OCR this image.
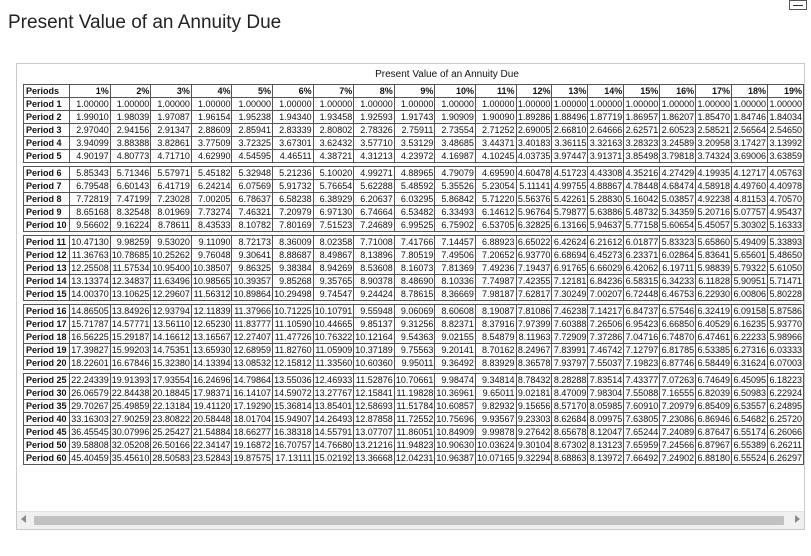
Present Value of an Annuity Due
Present Value of an Annuity Due
Periods	1%	2%	3%	4%	5%	6%	7%	8%	9%	10%	11%	12%	13%	14%	15%	16%	17%	18%	19%
Period 1	1.00000	1.00000	1.00000	1.00000	1.00000	1.00000	1.00000	1.00000	1.00000	1.00000	1.00000	1.00000	1.00000	1.00000	1.00000	1.00000	1.00000	1.00000	1.00000
Period 2	1.99010	1.98039	1.97087	1.96154	1.95238	1.94340	1.93458	1.92593	1.91743	1.90909	1.90090	1.89286	1.88496	1.87719	1.86957	1.86207	1.85470	1.84746	1.84034
Period 3	2.97040	2.94156	2.91347	2.88609	2.85941	2.83339	2.80802	2.78326	2.75911	2.73554	2.71252	2.69005	2.66810	2.64666	2.62571	2.60523	2.58521	2.56564	2.54650
Period 4	3.94099	3.88388	3.82861	3.77509	3.72325	3.67301	3.62432	3.57710	3.53129	3.48685	3.44371	3.40183	3.36115	3.32163	3.28323	3.24589	3.20958	3.17427	3.13992
Period 5	4.90197	4.80773	4.71710	4.62990	4.54595	4.46511	4.38721	4.31213	4.23972	4.16987	4.10245	4.03735	3.97447	3.91371	3.85498	3.79818	3.74324	3.69006	3.63859

Period 6	5.85343	5.71346	5.57971	5.45182	5.32948	5.21236	5.10020	4.99271	4.88965	4.79079	4.69590	4.60478	4.51723	4.43308	4.35216	4.27429	4.19935	4.12717	4.05763
Period 7	6.79548	6.60143	6.41719	6.24214	6.07569	5.91732	5.76654	5.62288	5.48592	5.35526	5.23054	5.11141	4.99755	4.88867	4.78448	4.68474	4.58918	4.49760	4.40978
Period 8	7.72819	7.47199	7.23028	7.00205	6.78637	6.58238	6.38929	6.20637	6.03295	5.86842	5.71220	5.56376	5.42261	5.28830	5.16042	5.03857	4.92238	4.81153	4.70570
Period 9	8.65168	8.32548	8.01969	7.73274	7.46321	7.20979	6.97130	6.74664	6.53482	6.33493	6.14612	5.96764	5.79877	5.63886	5.48732	5.34359	5.20716	5.07757	4.95437
Period 10	9.56602	9.16224	8.78611	8.43533	8.10782	7.80169	7.51523	7.24689	6.99525	6.75902	6.53705	6.32825	6.13166	5.94637	5.77158	5.60654	5.45057	5.30302	5.16333

Period 11	10.47130	9.98259	9.53020	9.11090	8.72173	8.36009	8.02358	7.71008	7.41766	7.14457	6.88923	6.65022	6.42624	6.21612	6.01877	5.83323	5.65860	5.49409	5.33893
Period 12	11.36763	10.78685	10.25262	9.76048	9.30641	8.88687	8.49867	8.13896	7.80519	7.49506	7.20652	6.93770	6.68694	6.45273	6.23371	6.02864	5.83641	5.65601	5.48650
Period 13	12.25508	11.57534	10.95400	10.38507	9.86325	9.38384	8.94269	8.53608	8.16073	7.81369	7.49236	7.19437	6.91765	6.66029	6.42062	6.19711	5.98839	5.79322	5.61050
Period 14	13.13374	12.34837	11.63496	10.98565	10.39357	9.85268	9.35765	8.90378	8.48690	8.10336	7.74987	7.42355	7.12181	6.84236	6.58315	6.34233	6.11828	5.90951	5.71471
Period 15	14.00370	13.10625	12.29607	11.56312	10.89864	10.29498	9.74547	9.24424	8.78615	8.36669	7.98187	7.62817	7.30249	7.00207	6.72448	6.46753	6.22930	6.00806	5.80228

Period 16	14.86505	13.84926	12.93794	12.11839	11.37966	10.71225	10.10791	9.55948	9.06069	8.60608	8.19087	7.81086	7.46238	7.14217	6.84737	6.57546	6.32419	6.09158	5.87586
Period 17	15.71787	14.57771	13.56110	12.65230	11.83777	11.10590	10.44665	9.85137	9.31256	8.82371	8.37916	7.97399	7.60388	7.26506	6.95423	6.66850	6.40529	6.16235	5.93770
Period 18	16.56225	15.29187	14.16612	13.16567	12.27407	11.47726	10.76322	10.12164	9.54363	9.02155	8.54879	8.11963	7.72909	7.37286	7.04716	6.74870	6.47461	6.22233	5.98966
Period 19	17.39827	15.99203	14.75351	13.65930	12.68959	11.82760	11.05909	10.37189	9.75563	9.20141	8.70162	8.24967	7.83991	7.46742	7.12797	6.81785	6.53385	6.27316	6.03333
Period 20	18.22601	16.67846	15.32380	14.13394	13.08532	12.15812	11.33560	10.60360	9.95011	9.36492	8.83929	8.36578	7.93797	7.55037	7.19823	6.87746	6.58449	6.31624	6.07003

Period 25	22.24339	19.91393	17.93554	16.24696	14.79864	13.55036	12.46933	11.52876	10.70661	9.98474	9.34814	8.78432	8.28288	7.83514	7.43377	7.07263	6.74649	6.45095	6.18223
Period 30	26.06579	22.84438	20.18845	17.98371	16.14107	14.59072	13.27767	12.15841	11.19828	10.36961	9.65011	9.02181	8.47009	7.98304	7.55088	7.16555	6.82039	6.50983	6.22924
Period 35	29.70267	25.49859	22.13184	19.41120	17.19290	15.36814	13.85401	12.58693	11.51784	10.60857	9.82932	9.15656	8.57170	8.05985	7.60910	7.20979	6.85409	6.53557	6.24895
Period 40	33.16303	27.90259	23.80822	20.58448	18.01704	15.94907	14.26493	12.87858	11.72552	10.75696	9.93567	9.23303	8.62684	8.09975	7.63805	7.23086	6.86946	6.54682	6.25720
Period 45	36.45545	30.07996	25.25427	21.54884	18.66277	16.38318	14.55791	13.07707	11.86051	10.84909	9.99878	9.27642	8.65678	8.12047	7.65244	7.24089	6.87647	6.55174	6.26066
Period 50	39.58808	32.05208	26.50166	22.34147	19.16872	16.70757	14.76680	13.21216	11.94823	10.90630	10.03624	9.30104	8.67302	8.13123	7.65959	7.24566	6.87967	6.55389	6.26211
Period 60	45.40459	35.45610	28.50583	23.52843	19.87575	17.13111	15.02192	13.36668	12.04231	10.96387	10.07165	9.32294	8.68863	8.13972	7.66492	7.24902	6.88180	6.55524	6.26297
